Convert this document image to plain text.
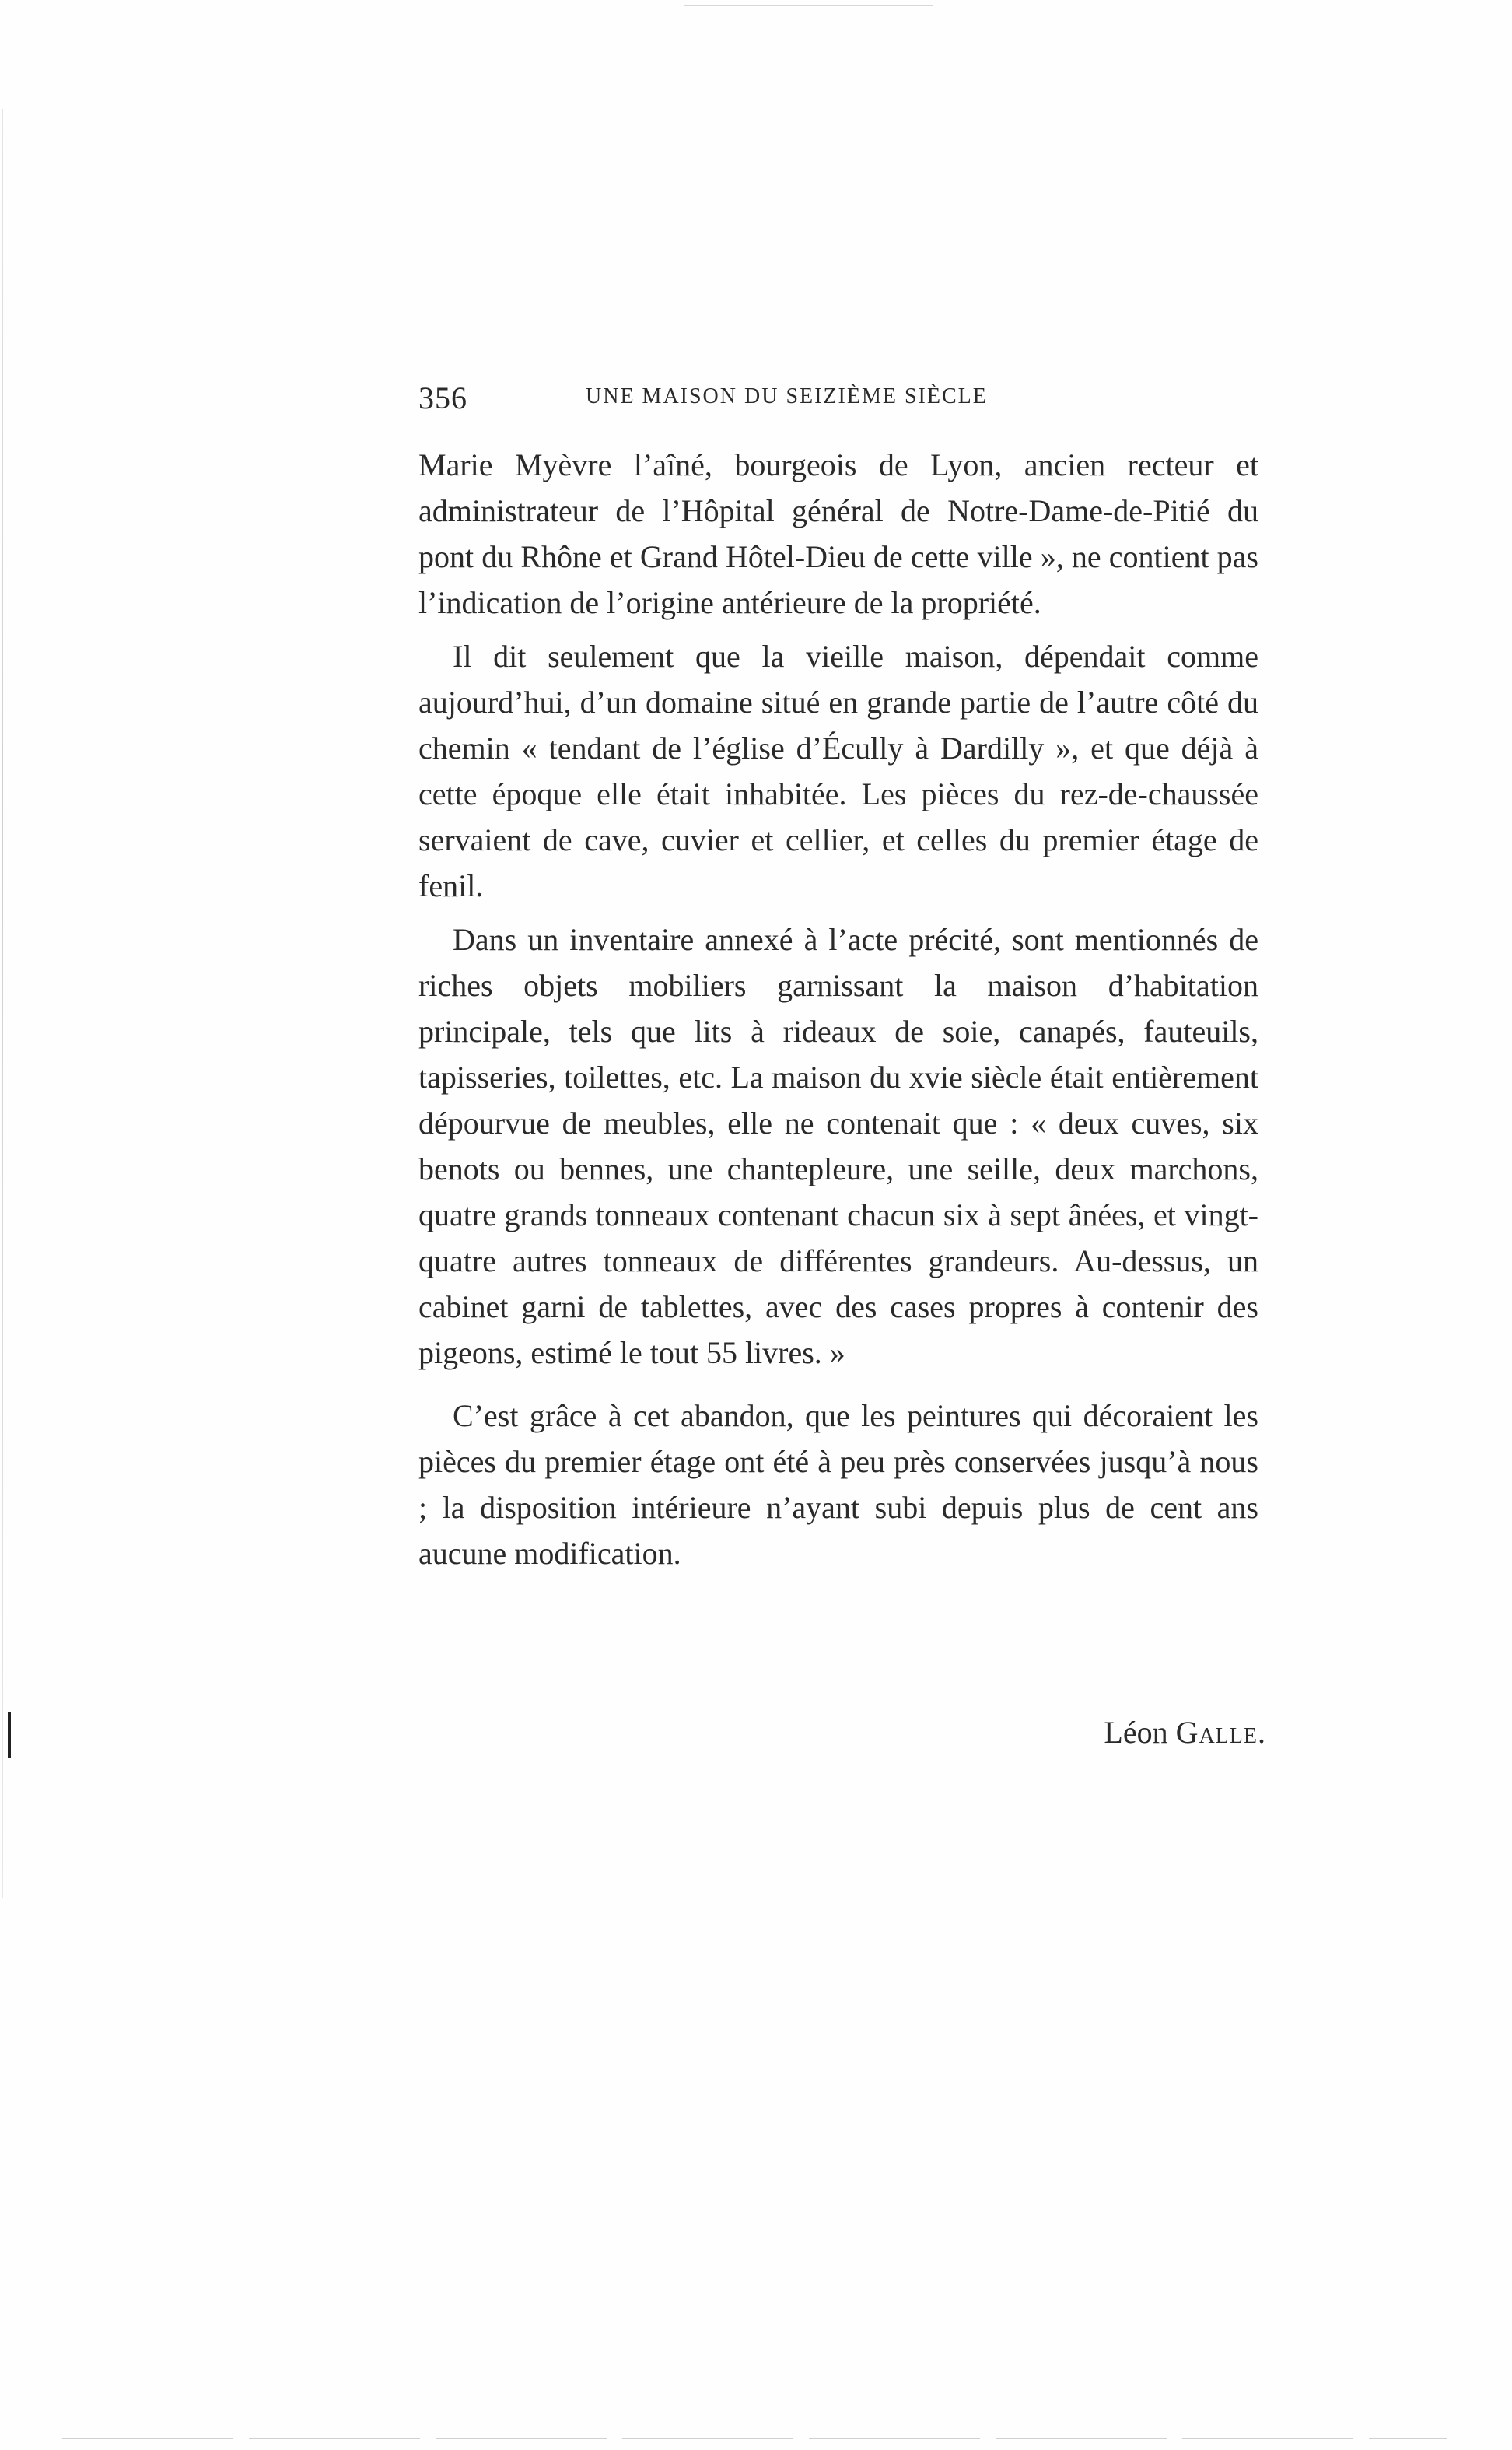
356	UNE MAISON DU SEIZIÈME SIÈCLE

Marie Myèvre l’aîné, bourgeois de Lyon, ancien recteur et administrateur de l’Hôpital général de Notre-Dame-de-Pitié du pont du Rhône et Grand Hôtel-Dieu de cette ville », ne contient pas l’indication de l’origine antérieure de la propriété.

Il dit seulement que la vieille maison, dépendait comme aujourd’hui, d’un domaine situé en grande partie de l’autre côté du chemin « tendant de l’église d’Écully à Dardilly », et que déjà à cette époque elle était inhabitée. Les pièces du rez-de-chaussée servaient de cave, cuvier et cellier, et celles du premier étage de fenil.

Dans un inventaire annexé à l’acte précité, sont mentionnés de riches objets mobiliers garnissant la maison d’habitation principale, tels que lits à rideaux de soie, canapés, fauteuils, tapisseries, toilettes, etc. La maison du xvie siècle était entièrement dépourvue de meubles, elle ne contenait que : « deux cuves, six benots ou bennes, une chantepleure, une seille, deux marchons, quatre grands tonneaux contenant chacun six à sept ânées, et vingt-quatre autres tonneaux de différentes grandeurs. Au-dessus, un cabinet garni de tablettes, avec des cases propres à contenir des pigeons, estimé le tout 55 livres. »

C’est grâce à cet abandon, que les peintures qui décoraient les pièces du premier étage ont été à peu près conservées jusqu’à nous ; la disposition intérieure n’ayant subi depuis plus de cent ans aucune modification.

Léon Galle.
